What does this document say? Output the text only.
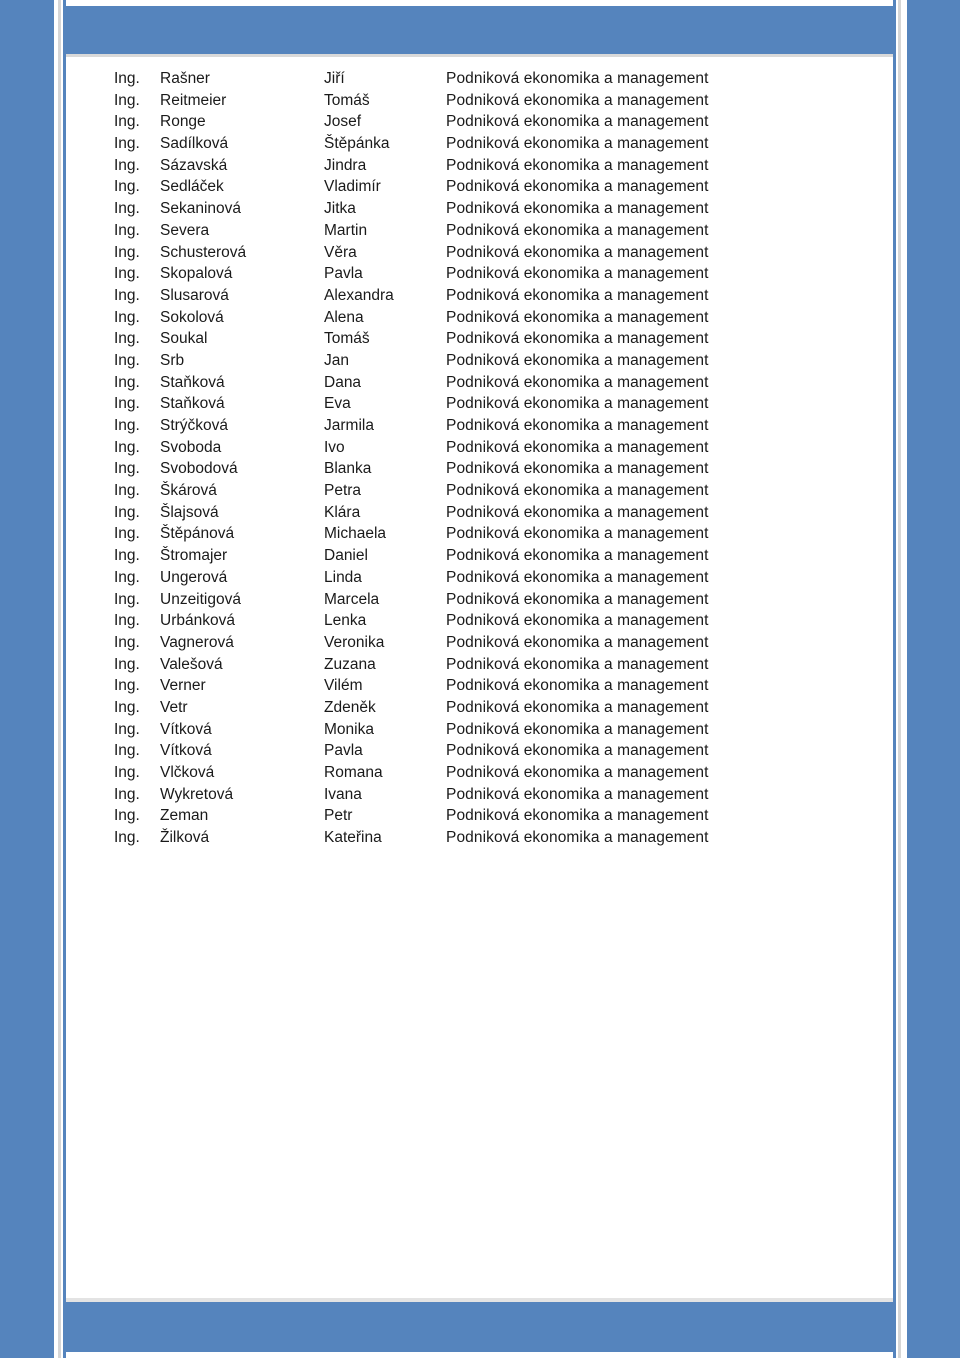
Ing. Rašner	Jiří	Podniková ekonomika a management
Ing. Reitmeier	Tomáš	Podniková ekonomika a management
Ing. Ronge	Josef	Podniková ekonomika a management
Ing. Sadílková	Štěpánka	Podniková ekonomika a management
Ing. Sázavská	Jindra	Podniková ekonomika a management
Ing. Sedláček	Vladimír	Podniková ekonomika a management
Ing. Sekaninová	Jitka	Podniková ekonomika a management
Ing. Severa	Martin	Podniková ekonomika a management
Ing. Schusterová	Věra	Podniková ekonomika a management
Ing. Skopalová	Pavla	Podniková ekonomika a management
Ing. Slusarová	Alexandra	Podniková ekonomika a management
Ing. Sokolová	Alena	Podniková ekonomika a management
Ing. Soukal	Tomáš	Podniková ekonomika a management
Ing. Srb	Jan	Podniková ekonomika a management
Ing. Staňková	Dana	Podniková ekonomika a management
Ing. Staňková	Eva	Podniková ekonomika a management
Ing. Strýčková	Jarmila	Podniková ekonomika a management
Ing. Svoboda	Ivo	Podniková ekonomika a management
Ing. Svobodová	Blanka	Podniková ekonomika a management
Ing. Škárová	Petra	Podniková ekonomika a management
Ing. Šlajsová	Klára	Podniková ekonomika a management
Ing. Štěpánová	Michaela	Podniková ekonomika a management
Ing. Štromajer	Daniel	Podniková ekonomika a management
Ing. Ungerová	Linda	Podniková ekonomika a management
Ing. Unzeitigová	Marcela	Podniková ekonomika a management
Ing. Urbánková	Lenka	Podniková ekonomika a management
Ing. Vagnerová	Veronika	Podniková ekonomika a management
Ing. Valešová	Zuzana	Podniková ekonomika a management
Ing. Verner	Vilém	Podniková ekonomika a management
Ing. Vetr	Zdeněk	Podniková ekonomika a management
Ing. Vítková	Monika	Podniková ekonomika a management
Ing. Vítková	Pavla	Podniková ekonomika a management
Ing. Vlčková	Romana	Podniková ekonomika a management
Ing. Wykretová	Ivana	Podniková ekonomika a management
Ing. Zeman	Petr	Podniková ekonomika a management
Ing. Žilková	Kateřina	Podniková ekonomika a management
